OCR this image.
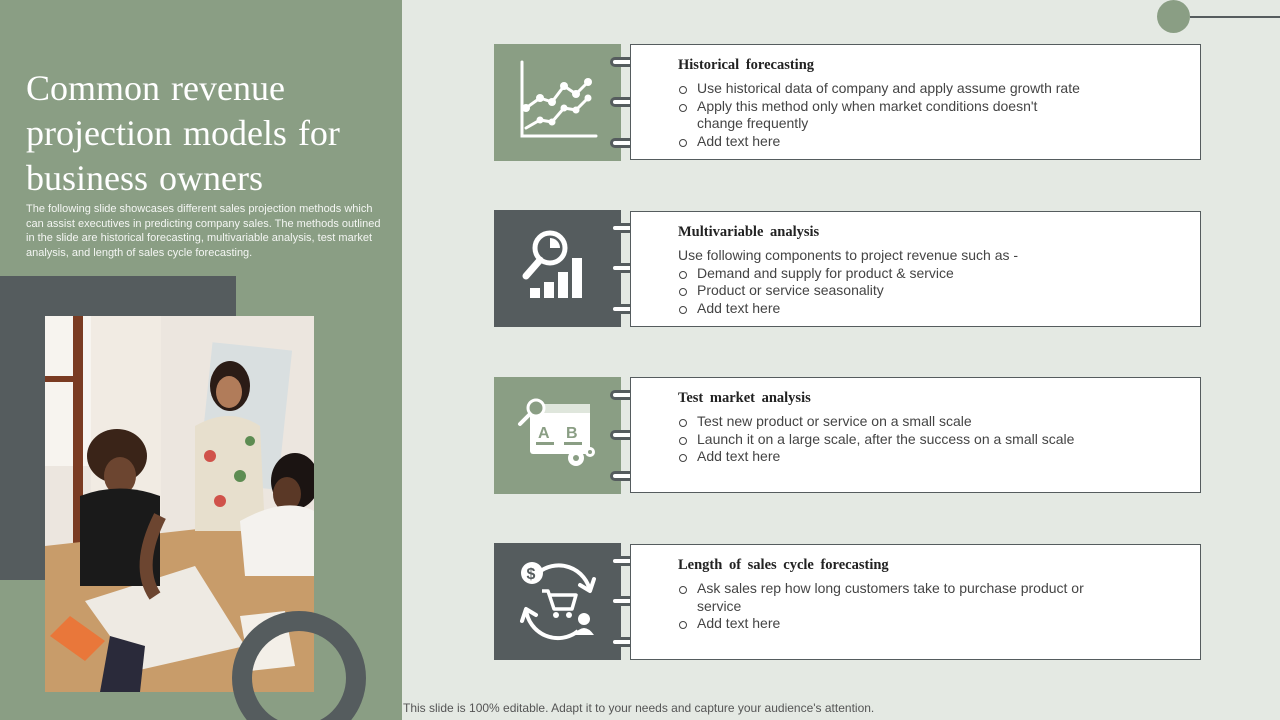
Common revenue projection models for business owners
The following slide showcases different sales projection methods which can assist executives in predicting company sales. The methods outlined in the slide are historical forecasting, multivariable analysis, test market analysis, and length of sales cycle forecasting.
Historical forecasting
Use historical data of company and apply assume growth rate
Apply this method only when market conditions doesn't change frequently
Add text here
Multivariable analysis

Use following components to project revenue such as -

Demand and supply for product & service
Product or service seasonality
Add text here
A B
Test market analysis
Test new product or service on a small scale
Launch it on a large scale, after the success on a small scale
Add text here
$
Length of sales cycle forecasting
Ask sales rep how long customers take to purchase product or service
Add text here
This slide is 100% editable. Adapt it to your needs and capture your audience's attention.
